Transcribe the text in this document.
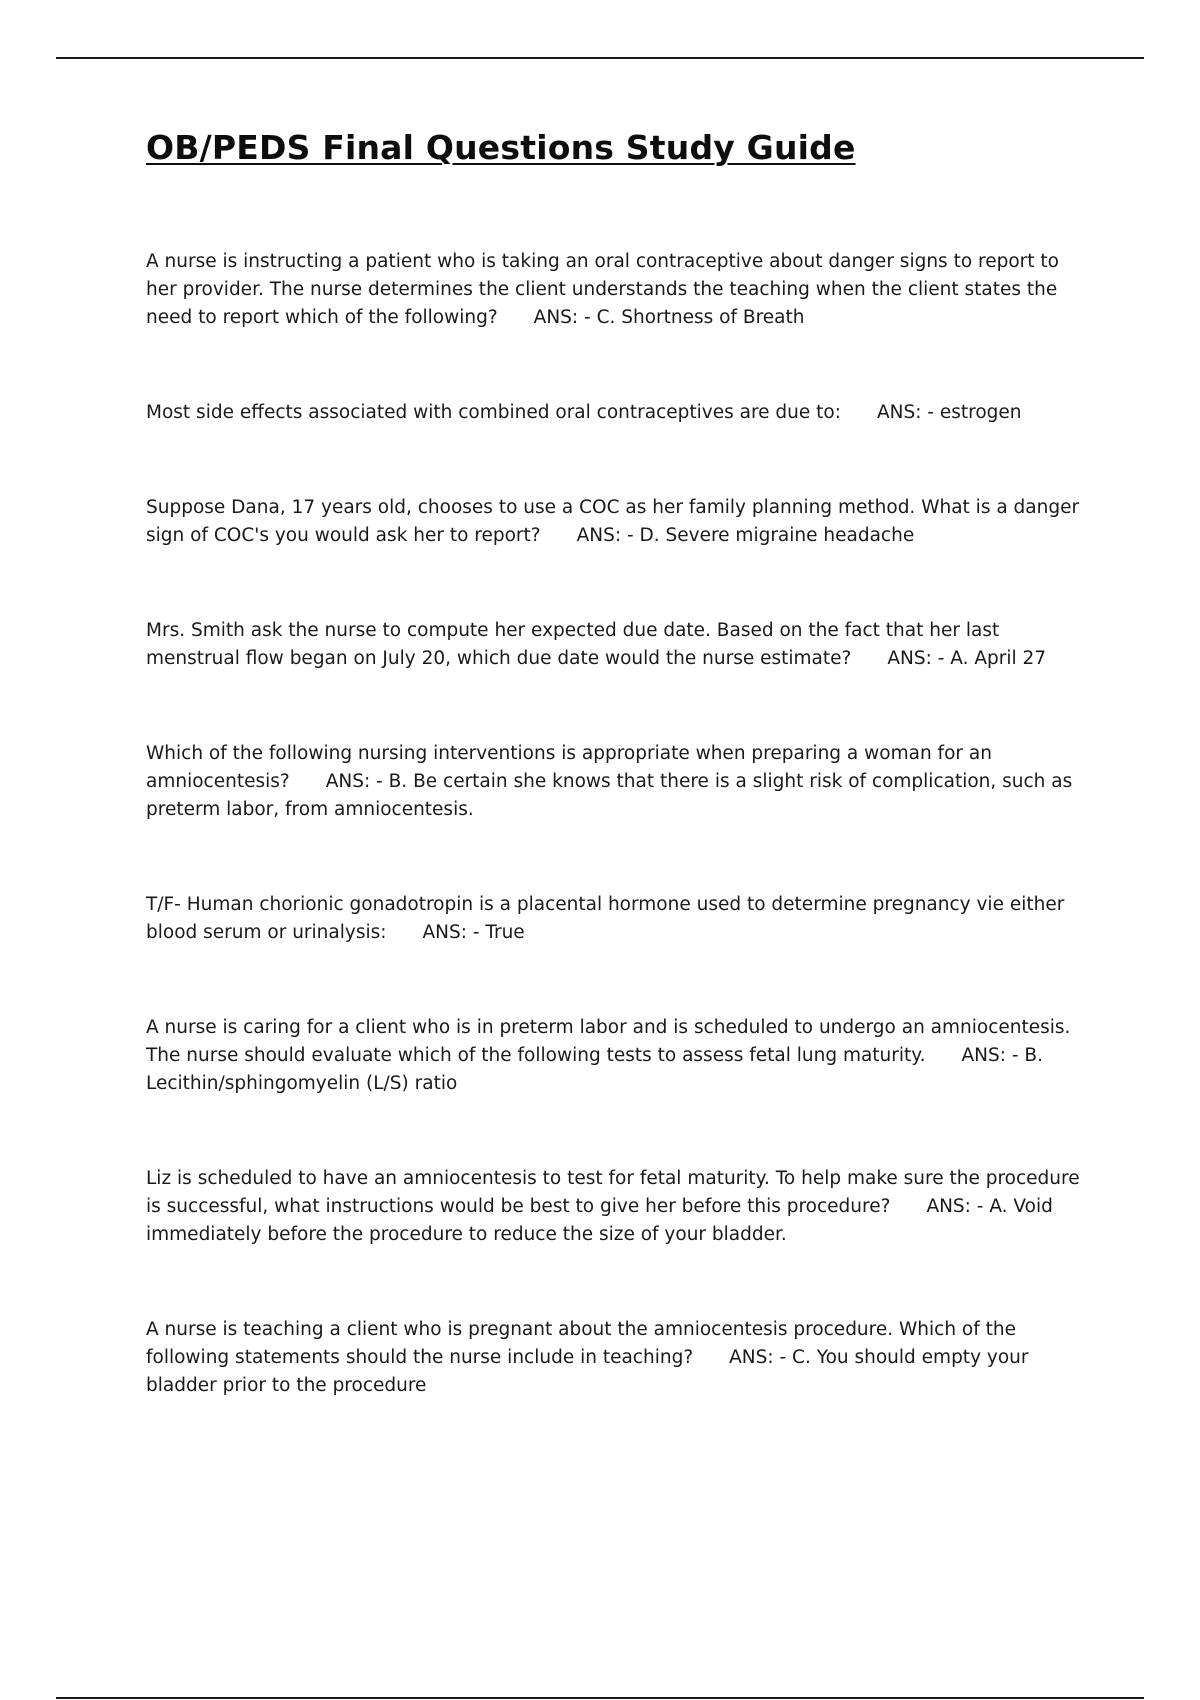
OB/PEDS Final Questions Study Guide

A nurse is instructing a patient who is taking an oral contraceptive about danger signs to report to her provider. The nurse determines the client understands the teaching when the client states the need to report which of the following? ANS: - C. Shortness of Breath

Most side effects associated with combined oral contraceptives are due to: ANS: - estrogen

Suppose Dana, 17 years old, chooses to use a COC as her family planning method. What is a danger sign of COC's you would ask her to report? ANS: - D. Severe migraine headache

Mrs. Smith ask the nurse to compute her expected due date. Based on the fact that her last menstrual flow began on July 20, which due date would the nurse estimate? ANS: - A. April 27

Which of the following nursing interventions is appropriate when preparing a woman for an amniocentesis? ANS: - B. Be certain she knows that there is a slight risk of complication, such as preterm labor, from amniocentesis.

T/F- Human chorionic gonadotropin is a placental hormone used to determine pregnancy vie either blood serum or urinalysis: ANS: - True

A nurse is caring for a client who is in preterm labor and is scheduled to undergo an amniocentesis. The nurse should evaluate which of the following tests to assess fetal lung maturity. ANS: - B. Lecithin/sphingomyelin (L/S) ratio

Liz is scheduled to have an amniocentesis to test for fetal maturity. To help make sure the procedure is successful, what instructions would be best to give her before this procedure? ANS: - A. Void immediately before the procedure to reduce the size of your bladder.

A nurse is teaching a client who is pregnant about the amniocentesis procedure. Which of the following statements should the nurse include in teaching? ANS: - C. You should empty your bladder prior to the procedure
